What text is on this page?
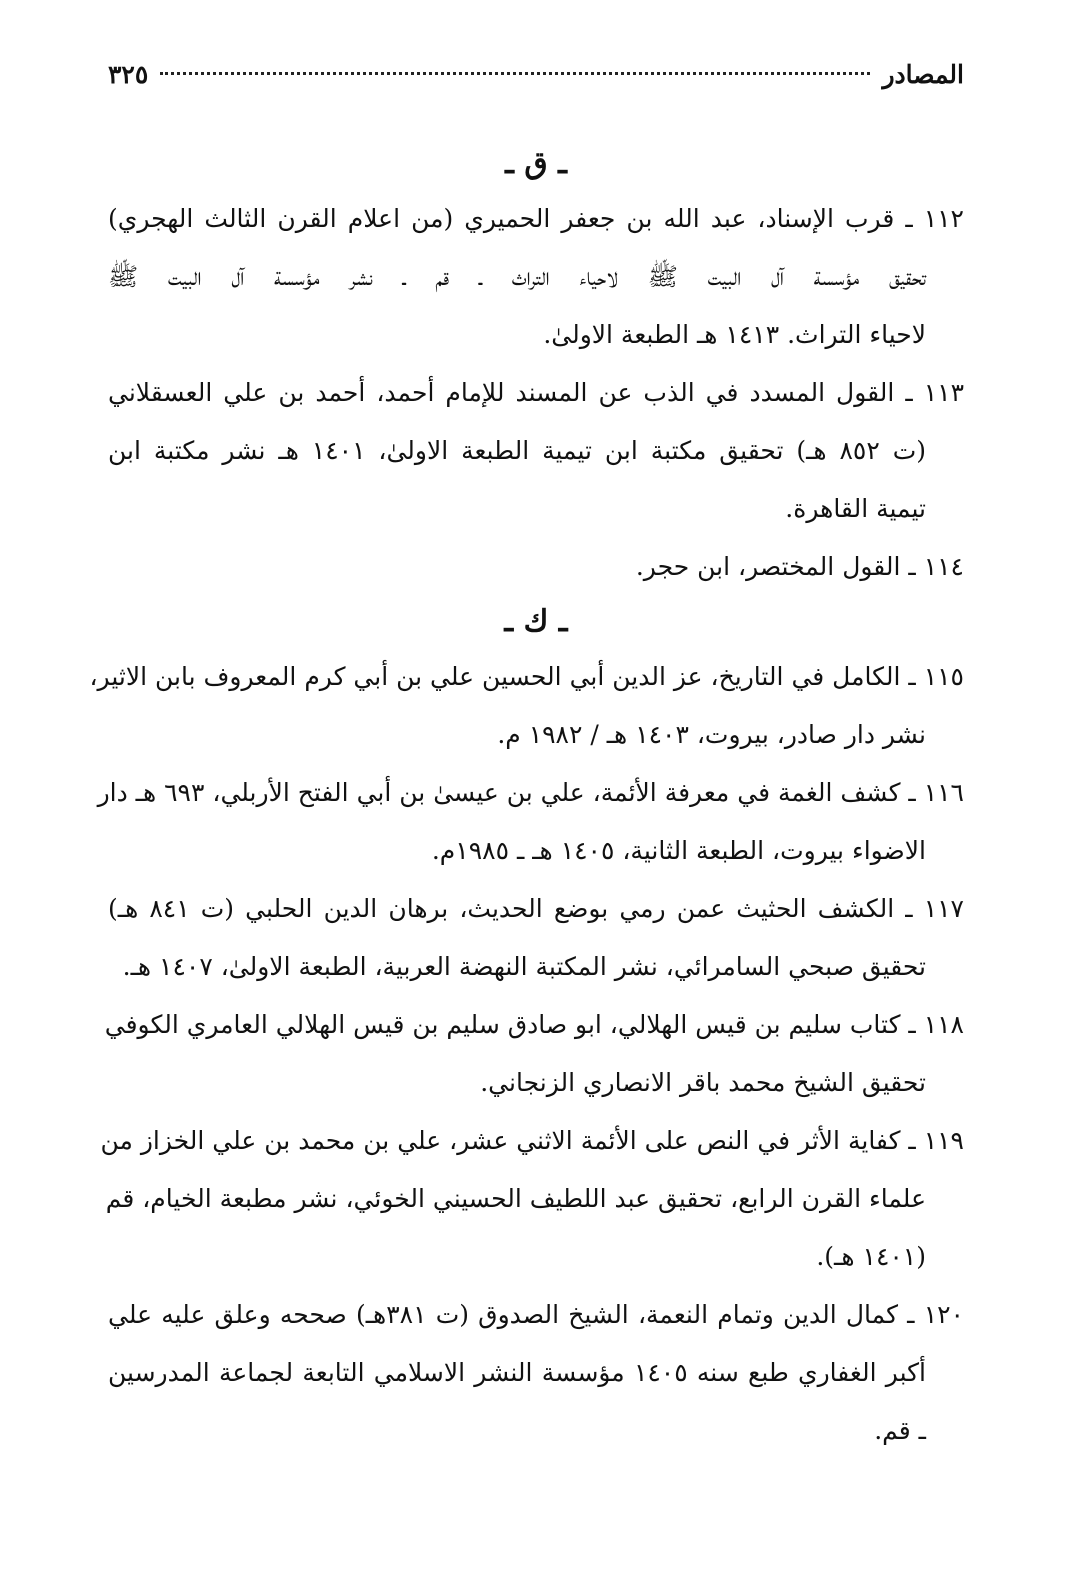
المصادر
٣٢٥
ـ ق ـ
١١٢ ـ قرب الإسناد، عبد الله بن جعفر الحميري (من اعلام القرن الثالث الهجري)
تحقيق مؤسسة آل البيت ﷺ لاحياء التراث ـ قم ـ نشر مؤسسة آل البيت ﷺ
لاحياء التراث. ١٤١٣ هـ الطبعة الاولىٰ.
١١٣ ـ القول المسدد في الذب عن المسند للإمام أحمد، أحمد بن علي العسقلاني
(ت ٨٥٢ هـ) تحقيق مكتبة ابن تيمية الطبعة الاولىٰ، ١٤٠١ هـ نشر مكتبة ابن
تيمية القاهرة.
١١٤ ـ القول المختصر، ابن حجر.
ـ ك ـ
١١٥ ـ الكامل في التاريخ، عز الدين أبي الحسين علي بن أبي كرم المعروف بابن الاثير،
نشر دار صادر، بيروت، ١٤٠٣ هـ / ١٩٨٢ م.
١١٦ ـ كشف الغمة في معرفة الأئمة، علي بن عيسىٰ بن أبي الفتح الأربلي، ٦٩٣ هـ دار
الاضواء بيروت، الطبعة الثانية، ١٤٠٥ هـ ـ ١٩٨٥م.
١١٧ ـ الكشف الحثيث عمن رمي بوضع الحديث، برهان الدين الحلبي (ت ٨٤١ هـ)
تحقيق صبحي السامرائي، نشر المكتبة النهضة العربية، الطبعة الاولىٰ، ١٤٠٧ هـ.
١١٨ ـ كتاب سليم بن قيس الهلالي، ابو صادق سليم بن قيس الهلالي العامري الكوفي
تحقيق الشيخ محمد باقر الانصاري الزنجاني.
١١٩ ـ كفاية الأثر في النص على الأئمة الاثني عشر، علي بن محمد بن علي الخزاز من
علماء القرن الرابع، تحقيق عبد اللطيف الحسيني الخوئي، نشر مطبعة الخيام، قم
(١٤٠١ هـ).
١٢٠ ـ كمال الدين وتمام النعمة، الشيخ الصدوق (ت ٣٨١هـ) صححه وعلق عليه علي
أكبر الغفاري طبع سنه ١٤٠٥ مؤسسة النشر الاسلامي التابعة لجماعة المدرسين
ـ قم.
